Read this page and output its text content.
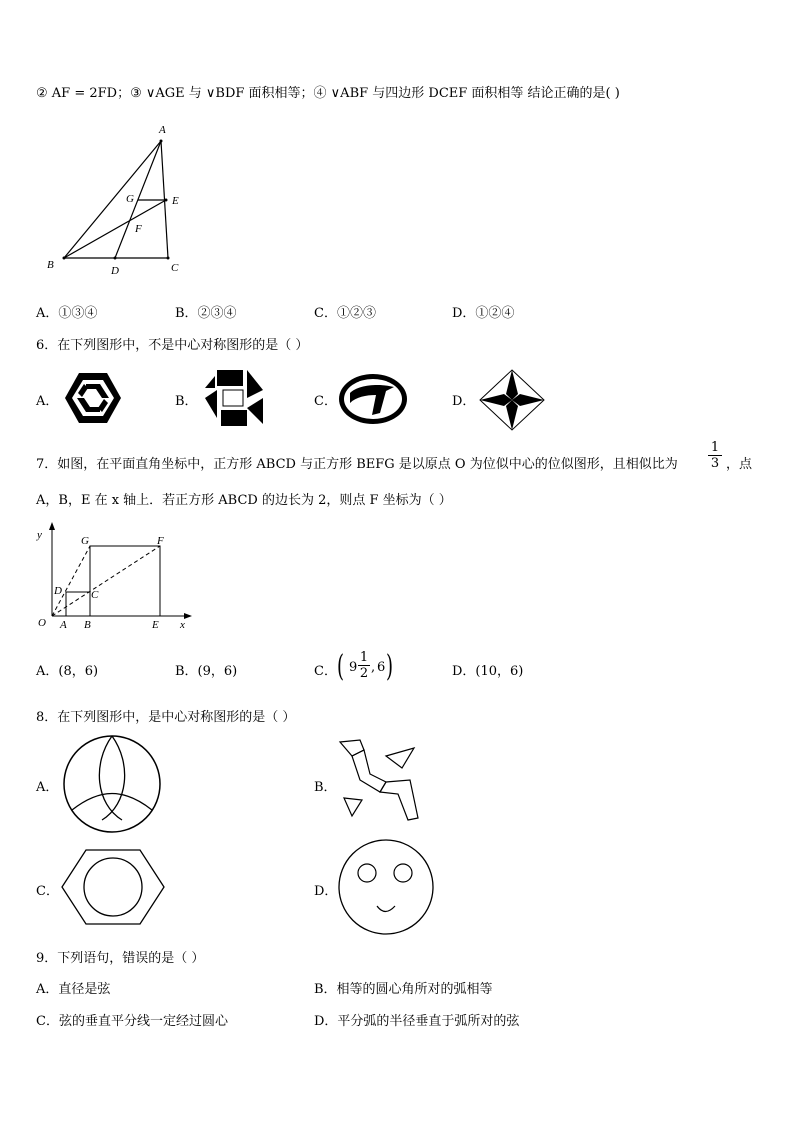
② AF = 2FD；③ ∨AGE 与 ∨BDF 面积相等；④ ∨ABF 与四边形 DCEF 面积相等 结论正确的是( )
A
G	E
F
B	D	C
A．①③④	B．②③④	C．①②③	D．①②④
6．在下列图形中，不是中心对称图形的是（ ）
A．	B．	C．	D．
7．如图，在平面直角坐标中，正方形 ABCD 与正方形 BEFG 是以原点 O 为位似中心的位似图形，且相似比为
1
3 ，点
A，B，E 在 x 轴上．若正方形 ABCD 的边长为 2，则点 F 坐标为（ ）
y
x
O A B	E
G	F
D	C
A．(8，6)	B．(9，6)	C． ( 9
1
2 , 6 )	D．(10，6)
8．在下列图形中，是中心对称图形的是（ ）
A．	B．
C．	D．
9．下列语句，错误的是（ ）
A．直径是弦	B．相等的圆心角所对的弧相等
C．弦的垂直平分线一定经过圆心	D．平分弧的半径垂直于弧所对的弦
